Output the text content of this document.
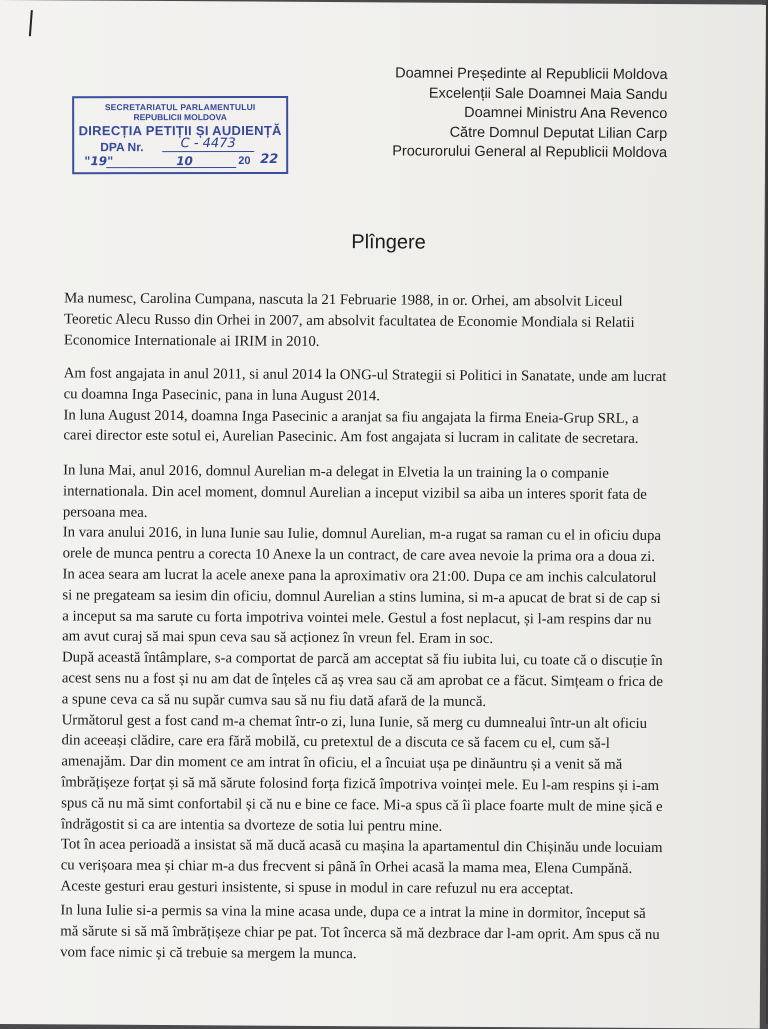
Doamnei Președinte al Republicii Moldova
Excelenții Sale Doamnei Maia Sandu
Doamnei Ministru Ana Revenco
Către Domnul Deputat Lilian Carp
Procurorului General al Republicii Moldova
SECRETARIATUL PARLAMENTULUI
REPUBLICII MOLDOVA
DIRECȚIA PETIȚII ȘI AUDIENȚĂ
DPA Nr.	C - 4473
"19"	10	20 22
Plîngere
Ma numesc, Carolina Cumpana, nascuta la 21 Februarie 1988, in or. Orhei, am absolvit Liceul
Teoretic Alecu Russo din Orhei in 2007, am absolvit facultatea de Economie Mondiala si Relatii
Economice Internationale ai IRIM in 2010.
Am fost angajata in anul 2011, si anul 2014 la ONG-ul Strategii si Politici in Sanatate, unde am lucrat
cu doamna Inga Pasecinic, pana in luna August 2014.
In luna August 2014, doamna Inga Pasecinic a aranjat sa fiu angajata la firma Eneia-Grup SRL, a
carei director este sotul ei, Aurelian Pasecinic. Am fost angajata si lucram in calitate de secretara.
In luna Mai, anul 2016, domnul Aurelian m-a delegat in Elvetia la un training la o companie
internationala. Din acel moment, domnul Aurelian a inceput vizibil sa aiba un interes sporit fata de
persoana mea.
In vara anului 2016, in luna Iunie sau Iulie, domnul Aurelian, m-a rugat sa raman cu el in oficiu dupa
orele de munca pentru a corecta 10 Anexe la un contract, de care avea nevoie la prima ora a doua zi.
In acea seara am lucrat la acele anexe pana la aproximativ ora 21:00. Dupa ce am inchis calculatorul
si ne pregateam sa iesim din oficiu, domnul Aurelian a stins lumina, si m-a apucat de brat si de cap si
a inceput sa ma sarute cu forta impotriva vointei mele. Gestul a fost neplacut, și l-am respins dar nu
am avut curaj să mai spun ceva sau să acționez în vreun fel. Eram in soc.
După această întâmplare, s-a comportat de parcă am acceptat să fiu iubita lui, cu toate că o discuție în
acest sens nu a fost și nu am dat de înțeles că aș vrea sau că am aprobat ce a făcut. Simțeam o frica de
a spune ceva ca să nu supăr cumva sau să nu fiu dată afară de la muncă.
Următorul gest a fost cand m-a chemat într-o zi, luna Iunie, să merg cu dumnealui într-un alt oficiu
din aceeași clădire, care era fără mobilă, cu pretextul de a discuta ce să facem cu el, cum să-l
amenajăm. Dar din moment ce am intrat în oficiu, el a încuiat ușa pe dinăuntru și a venit să mă
îmbrățișeze forțat și să mă sărute folosind forța fizică împotriva voinței mele. Eu l-am respins și i-am
spus că nu mă simt confortabil și că nu e bine ce face. Mi-a spus că îi place foarte mult de mine șică e
îndrăgostit si ca are intentia sa dvorteze de sotia lui pentru mine.
Tot în acea perioadă a insistat să mă ducă acasă cu mașina la apartamentul din Chișinău unde locuiam
cu verișoara mea și chiar m-a dus frecvent si până în Orhei acasă la mama mea, Elena Cumpănă.
Aceste gesturi erau gesturi insistente, si spuse in modul in care refuzul nu era acceptat.
In luna Iulie si-a permis sa vina la mine acasa unde, dupa ce a intrat la mine in dormitor, început să
mă sărute si să mă îmbrățișeze chiar pe pat. Tot încerca să mă dezbrace dar l-am oprit. Am spus că nu
vom face nimic și că trebuie sa mergem la munca.
